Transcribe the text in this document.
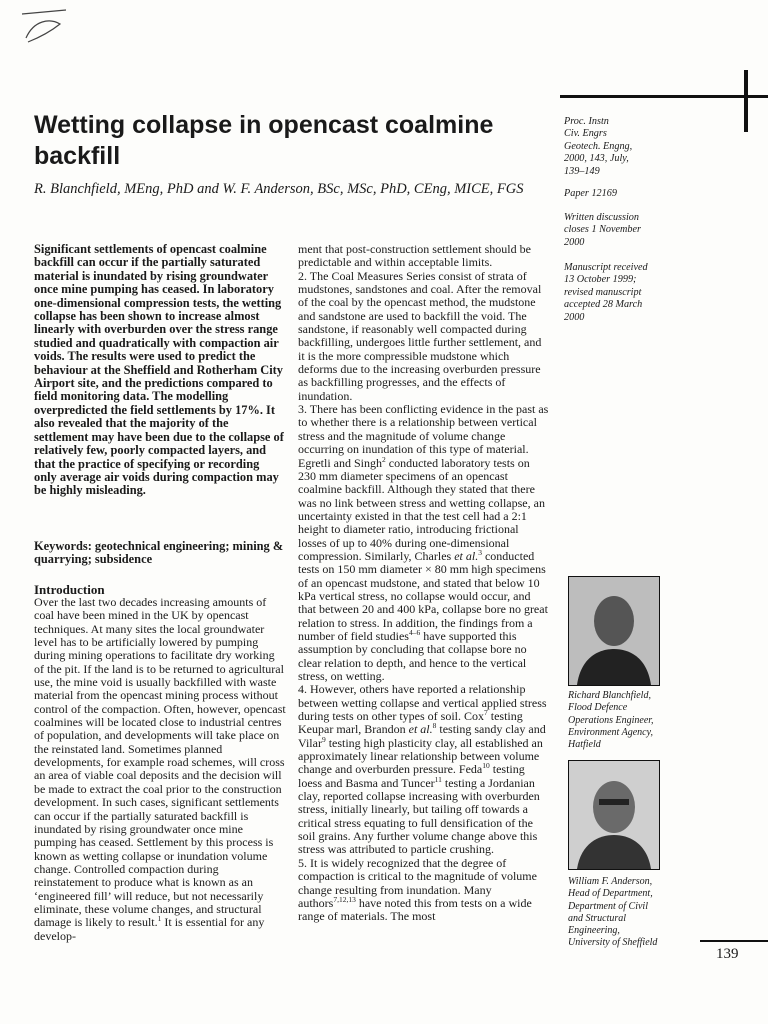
Wetting collapse in opencast coalmine backfill
R. Blanchfield, MEng, PhD and W. F. Anderson, BSc, MSc, PhD, CEng, MICE, FGS
Proc. Instn
Civ. Engrs
Geotech. Engng,
2000, 143, July,
139–149
Paper 12169
Written discussion
closes 1 November
2000
Manuscript received
13 October 1999;
revised manuscript
accepted 28 March
2000

Significant settlements of opencast coalmine backfill can occur if the partially saturated material is inundated by rising groundwater once mine pumping has ceased. In laboratory one-dimensional compression tests, the wetting collapse has been shown to increase almost linearly with overburden over the stress range studied and quadratically with compaction air voids. The results were used to predict the behaviour at the Sheffield and Rotherham City Airport site, and the predictions compared to field monitoring data. The modelling overpredicted the field settlements by 17%. It also revealed that the majority of the settlement may have been due to the collapse of relatively few, poorly compacted layers, and that the practice of specifying or recording only average air voids during compaction may be highly misleading.

Keywords: geotechnical engineering; mining & quarrying; subsidence

Introduction

Over the last two decades increasing amounts of coal have been mined in the UK by opencast techniques. At many sites the local groundwater level has to be artificially lowered by pumping during mining operations to facilitate dry working of the pit. If the land is to be returned to agricultural use, the mine void is usually backfilled with waste material from the opencast mining process without control of the compaction. Often, however, opencast coalmines will be located close to industrial centres of population, and developments will take place on the reinstated land. Sometimes planned developments, for example road schemes, will cross an area of viable coal deposits and the decision will be made to extract the coal prior to the construction development. In such cases, significant settlements can occur if the partially saturated backfill is inundated by rising groundwater once mine pumping has ceased. Settlement by this process is known as wetting collapse or inundation volume change. Controlled compaction during reinstatement to produce what is known as an ‘engineered fill’ will reduce, but not necessarily eliminate, these volume changes, and structural damage is likely to result.$^1$ It is essential for any develop-

ment that post-construction settlement should be predictable and within acceptable limits.

2. The Coal Measures Series consist of strata of mudstones, sandstones and coal. After the removal of the coal by the opencast method, the mudstone and sandstone are used to backfill the void. The sandstone, if reasonably well compacted during backfilling, undergoes little further settlement, and it is the more compressible mudstone which deforms due to the increasing overburden pressure as backfilling progresses, and the effects of inundation.

3. There has been conflicting evidence in the past as to whether there is a relationship between vertical stress and the magnitude of volume change occurring on inundation of this type of material. Egretli and Singh$^2$ conducted laboratory tests on 230 mm diameter specimens of an opencast coalmine backfill. Although they stated that there was no link between stress and wetting collapse, an uncertainty existed in that the test cell had a 2:1 height to diameter ratio, introducing frictional losses of up to 40% during one-dimensional compression. Similarly, Charles et al.$^3$ conducted tests on 150 mm diameter × 80 mm high specimens of an opencast mudstone, and stated that below 10 kPa vertical stress, no collapse would occur, and that between 20 and 400 kPa, collapse bore no great relation to stress. In addition, the findings from a number of field studies$^{4-6}$ have supported this assumption by concluding that collapse bore no clear relation to depth, and hence to the vertical stress, on wetting.

4. However, others have reported a relationship between wetting collapse and vertical applied stress during tests on other types of soil. Cox$^7$ testing Keupar marl, Brandon et al.$^8$ testing sandy clay and Vilar$^9$ testing high plasticity clay, all established an approximately linear relationship between volume change and overburden pressure. Feda$^{10}$ testing loess and Basma and Tuncer$^{11}$ testing a Jordanian clay, reported collapse increasing with overburden stress, initially linearly, but tailing off towards a critical stress equating to full densification of the soil grains. Any further volume change above this stress was attributed to particle crushing.

5. It is widely recognized that the degree of compaction is critical to the magnitude of volume change resulting from inundation. Many authors$^{7,12,13}$ have noted this from tests on a wide range of materials. The most

Richard Blanchfield,
Flood Defence
Operations Engineer,
Environment Agency,
Hatfield
William F. Anderson,
Head of Department,
Department of Civil
and Structural
Engineering,
University of Sheffield
139
